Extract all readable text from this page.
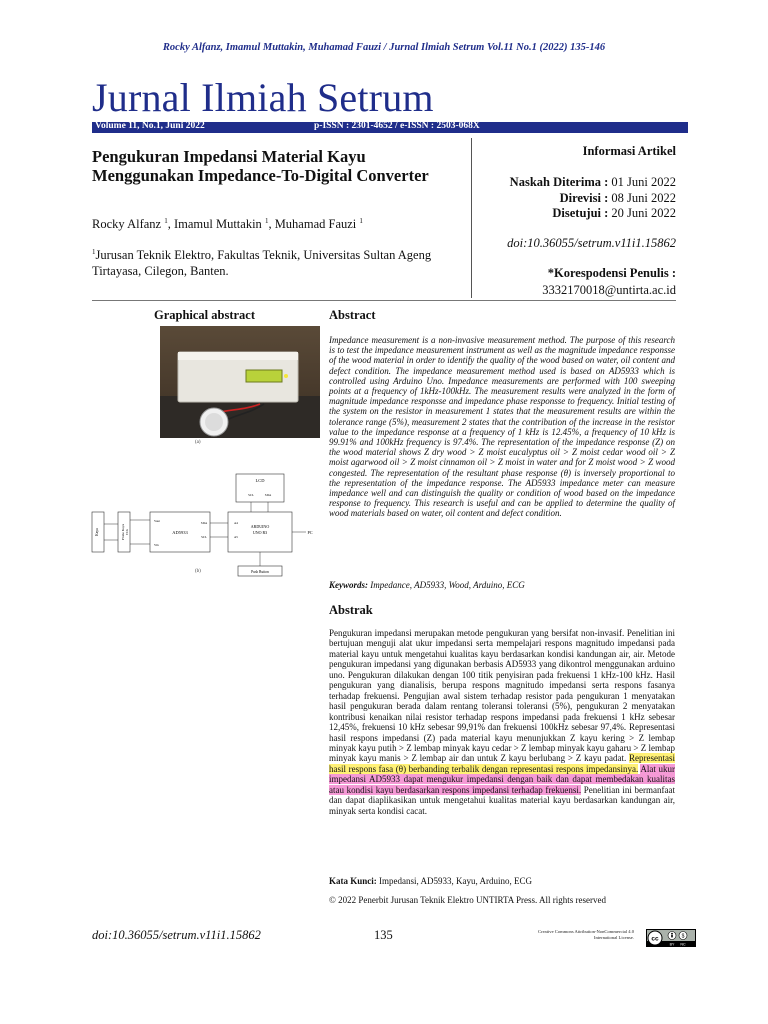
Rocky Alfanz, Imamul Muttakin, Muhamad Fauzi / Jurnal Ilmiah Setrum Vol.11 No.1 (2022) 135-146
Jurnal Ilmiah Setrum
Volume 11, No.1, Juni 2022	p-ISSN : 2301-4652 / e-ISSN : 2503-068X
Pengukuran Impedansi Material Kayu Menggunakan Impedance-To-Digital Converter
Rocky Alfanz $^1$, Imamul Muttakin $^1$, Muhamad Fauzi $^1$
$^1$Jurusan Teknik Elektro, Fakultas Teknik, Universitas Sultan Ageng Tirtayasa, Cilegon, Banten.
Informasi Artikel
Naskah Diterima : 01 Juni 2022
Direvisi : 08 Juni 2022
Disetujui : 20 Juni 2022
doi:10.36055/setrum.v11i1.15862
*Korespodensi Penulis :
3332170018@untirta.ac.id
Graphical abstract
(a)
LCD
SCL	SDA
ARDUINO
UNO R3
A4
A5
AD5933
SDA
SCL
Vout
Vin
Probe Kayu ECG
Kayu	PC
Push Button
(b)
Abstract

Impedance measurement is a non-invasive measurement method. The purpose of this research is to test the impedance measurement instrument as well as the magnitude impedance responsse of the wood material in order to identify the quality of the wood based on water, oil content and defect condition. The impedance measurement method used is based on AD5933 which is controlled using Arduino Uno. Impedance measurements are performed with 100 sweeping points at a frequency of 1kHz-100kHz. The measurement results were analyzed in the form of magnitude impedance responsse and impedance phase responsse to frequency. Initial testing of the system on the resistor in measurement 1 states that the measurement results are within the tolerance range (5%), measurement 2 states that the contribution of the increase in the resistor value to the impedance response at a frequency of 1 kHz is 12.45%, a frequency of 10 kHz is 99.91% and 100kHz frequency is 97.4%. The representation of the impedance response (Z) on the wood material shows Z dry wood > Z moist eucalyptus oil > Z moist cedar wood oil > Z moist agarwood oil > Z moist cinnamon oil > Z moist in water and for Z moist wood > Z wood congested. The representation of the resultant phase response (θ) is inversely proportional to the representation of the impedance response. The AD5933 impedance meter can measure impedance well and can distinguish the quality or condition of wood based on the impedance response to frequency. This research is useful and can be applied to determine the quality of wood materials based on water, oil content and defect condition.

Keywords: Impedance, AD5933, Wood, Arduino, ECG
Abstrak

Pengukuran impedansi merupakan metode pengukuran yang bersifat non-invasif. Penelitian ini bertujuan menguji alat ukur impedansi serta mempelajari respons magnitudo impedansi pada material kayu untuk mengetahui kualitas kayu berdasarkan kondisi kandungan air, air. Metode pengukuran impedansi yang digunakan berbasis AD5933 yang dikontrol menggunakan arduino uno. Pengukuran dilakukan dengan 100 titik penyisiran pada frekuensi 1 kHz-100 kHz. Hasil pengukuran yang dianalisis, berupa respons magnitudo impedansi serta respons fasanya terhadap frekuensi. Pengujian awal sistem terhadap resistor pada pengukuran 1 menyatakan hasil pengukuran berada dalam rentang toleransi toleransi (5%), pengukuran 2 menyatakan kontribusi kenaikan nilai resistor terhadap respons impedansi pada frekuensi 1 kHz sebesar 12,45%, frekuensi 10 kHz sebesar 99,91% dan frekuensi 100kHz sebesar 97,4%. Representasi hasil respons impedansi (Z) pada material kayu menunjukkan Z kayu kering > Z lembap minyak kayu putih > Z lembap minyak kayu cedar > Z lembap minyak kayu gaharu > Z lembap minyak kayu manis > Z lembap air dan untuk Z kayu berlubang > Z kayu padat. Representasi hasil respons fasa (θ) berbanding terbalik dengan representasi respons impedansinya. Alat ukur impedansi AD5933 dapat mengukur impedansi dengan baik dan dapat membedakan kualitas atau kondisi kayu berdasarkan respons impedansi terhadap frekuensi. Penelitian ini bermanfaat dan dapat diaplikasikan untuk mengetahui kualitas material kayu berdasarkan kandungan air, minyak serta kondisi cacat.

Kata Kunci: Impedansi, AD5933, Kayu, Arduino, ECG
© 2022 Penerbit Jurusan Teknik Elektro UNTIRTA Press. All rights reserved
doi:10.36055/setrum.v11i1.15862	135	Creative Commons Attribution-NonCommercial 4.0
International License.	cc	$
BY NC
